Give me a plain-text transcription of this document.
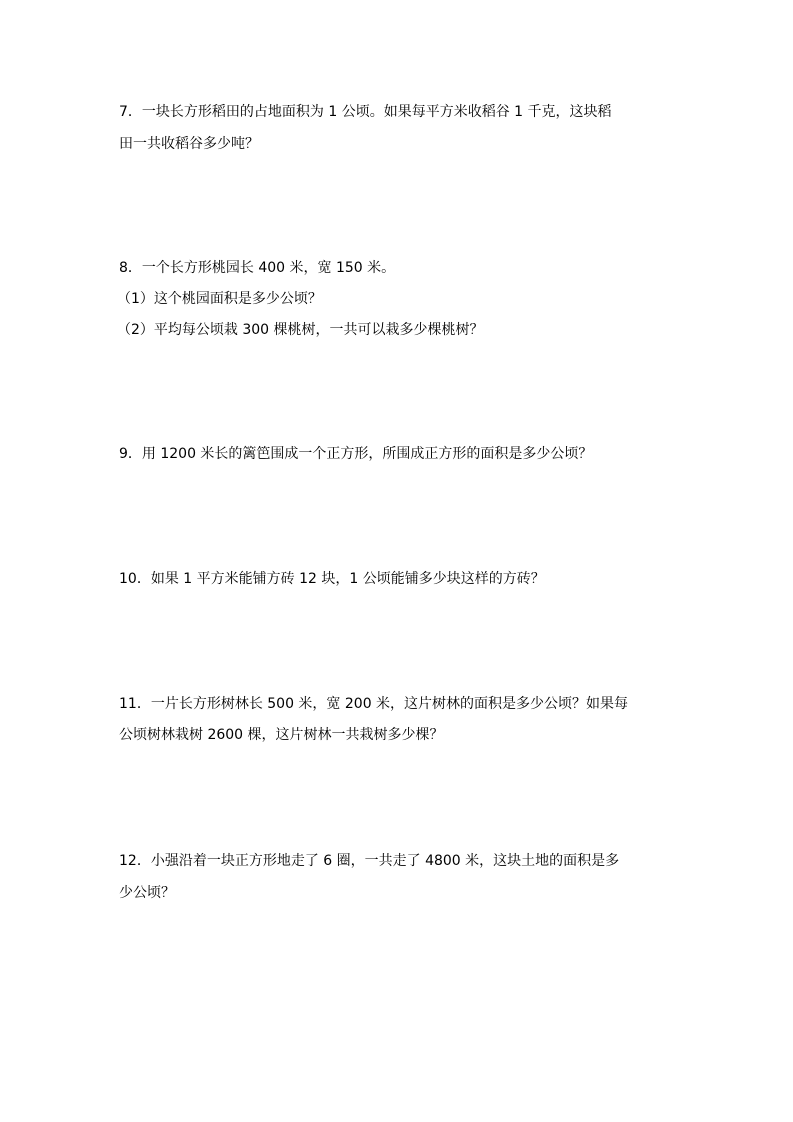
7．一块长方形稻田的占地面积为 1 公顷。如果每平方米收稻谷 1 千克，这块稻
田一共收稻谷多少吨？
8．一个长方形桃园长 400 米，宽 150 米。
（1）这个桃园面积是多少公顷？
（2）平均每公顷栽 300 棵桃树，一共可以栽多少棵桃树？
9．用 1200 米长的篱笆围成一个正方形，所围成正方形的面积是多少公顷？
10．如果 1 平方米能铺方砖 12 块，1 公顷能铺多少块这样的方砖？
11．一片长方形树林长 500 米，宽 200 米，这片树林的面积是多少公顷？如果每
公顷树林栽树 2600 棵，这片树林一共栽树多少棵？
12．小强沿着一块正方形地走了 6 圈，一共走了 4800 米，这块土地的面积是多
少公顷？
